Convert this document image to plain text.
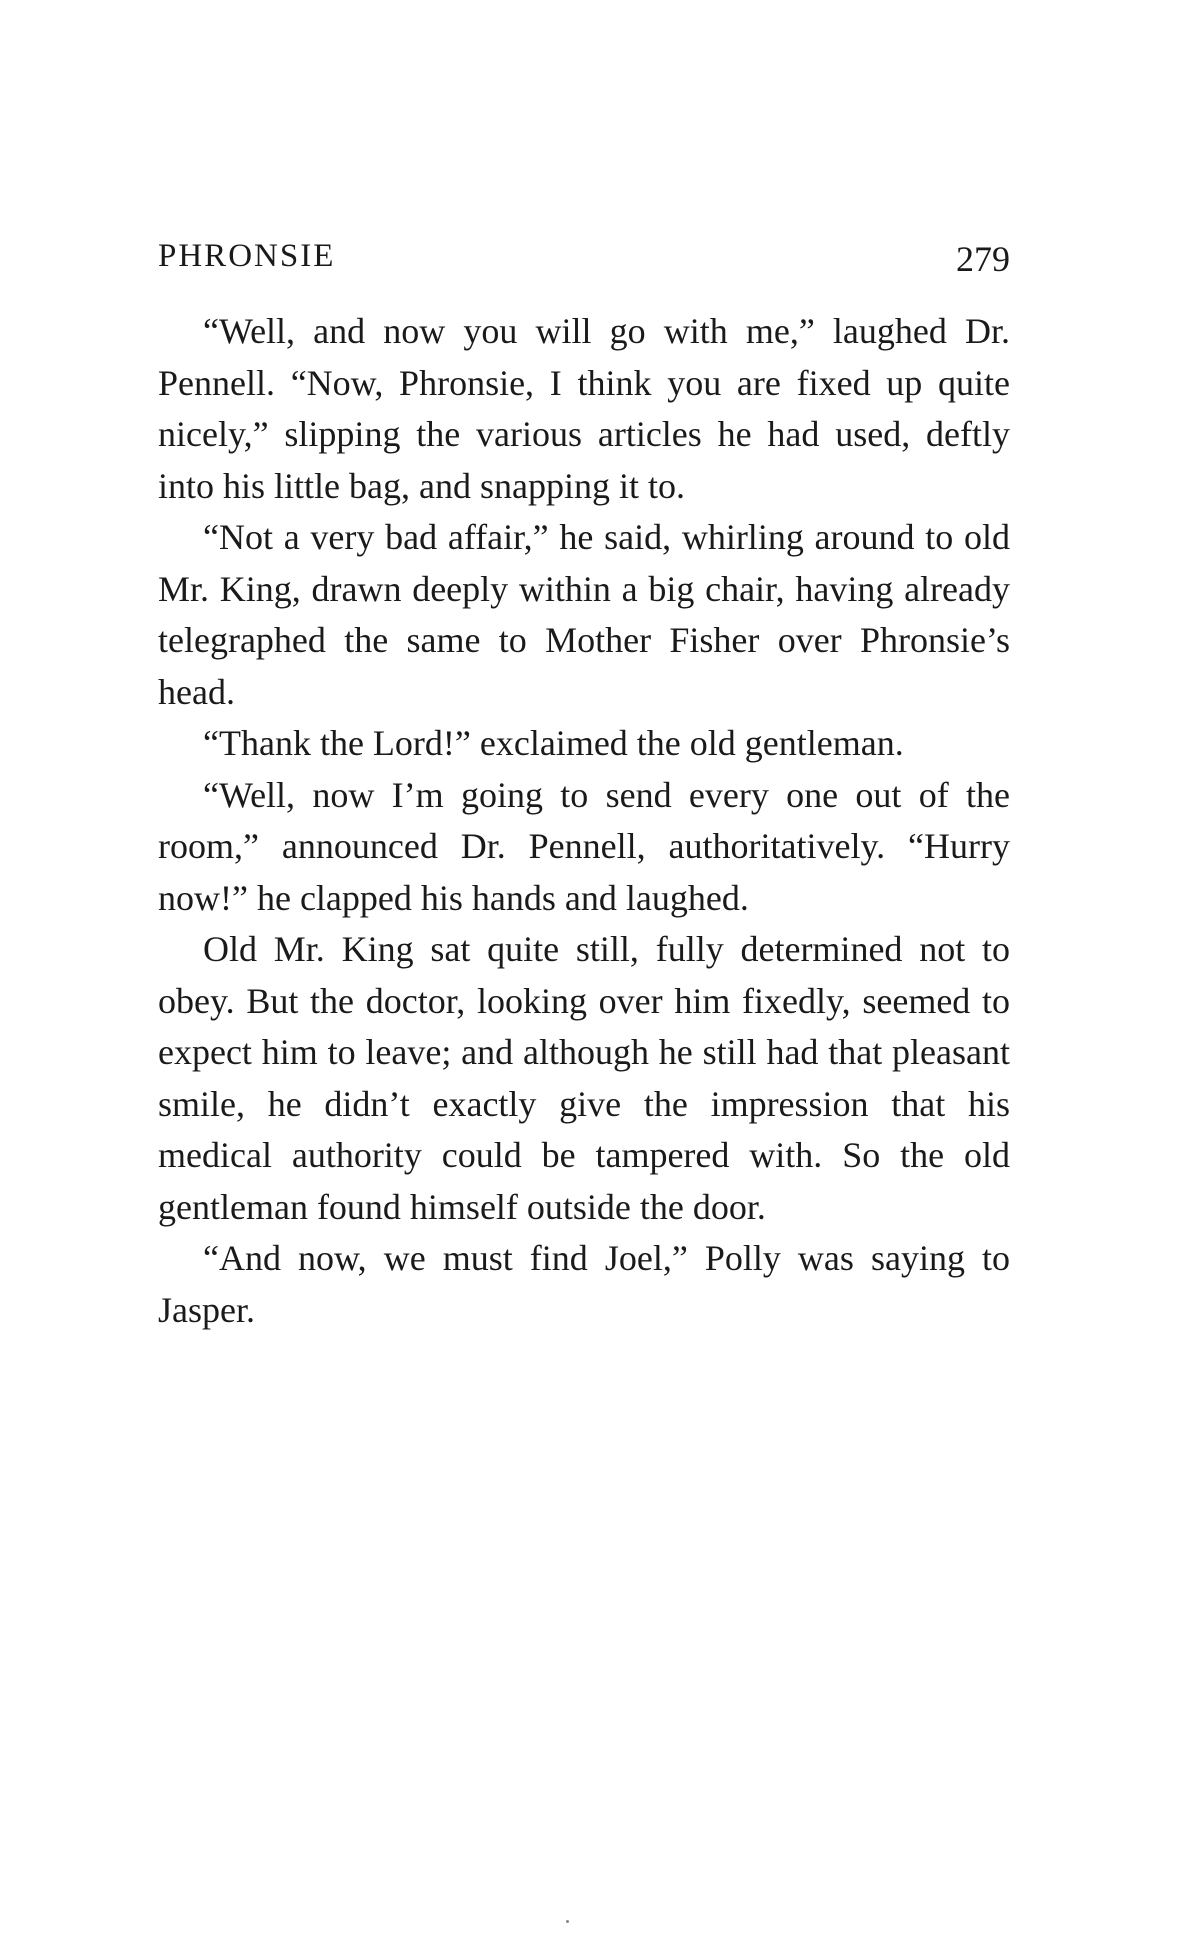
PHRONSIE	279

“Well, and now you will go with me,” laughed Dr. Pennell. “Now, Phronsie, I think you are fixed up quite nicely,” slipping the various articles he had used, deftly into his little bag, and snapping it to.

“Not a very bad affair,” he said, whirling around to old Mr. King, drawn deeply within a big chair, having already telegraphed the same to Mother Fisher over Phronsie’s head.

“Thank the Lord!” exclaimed the old gentleman.

“Well, now I’m going to send every one out of the room,” announced Dr. Pennell, authoritatively. “Hurry now!” he clapped his hands and laughed.

Old Mr. King sat quite still, fully determined not to obey. But the doctor, looking over him fixedly, seemed to expect him to leave; and although he still had that pleasant smile, he didn’t exactly give the impression that his medical authority could be tampered with. So the old gentleman found himself outside the door.

“And now, we must find Joel,” Polly was saying to Jasper.
